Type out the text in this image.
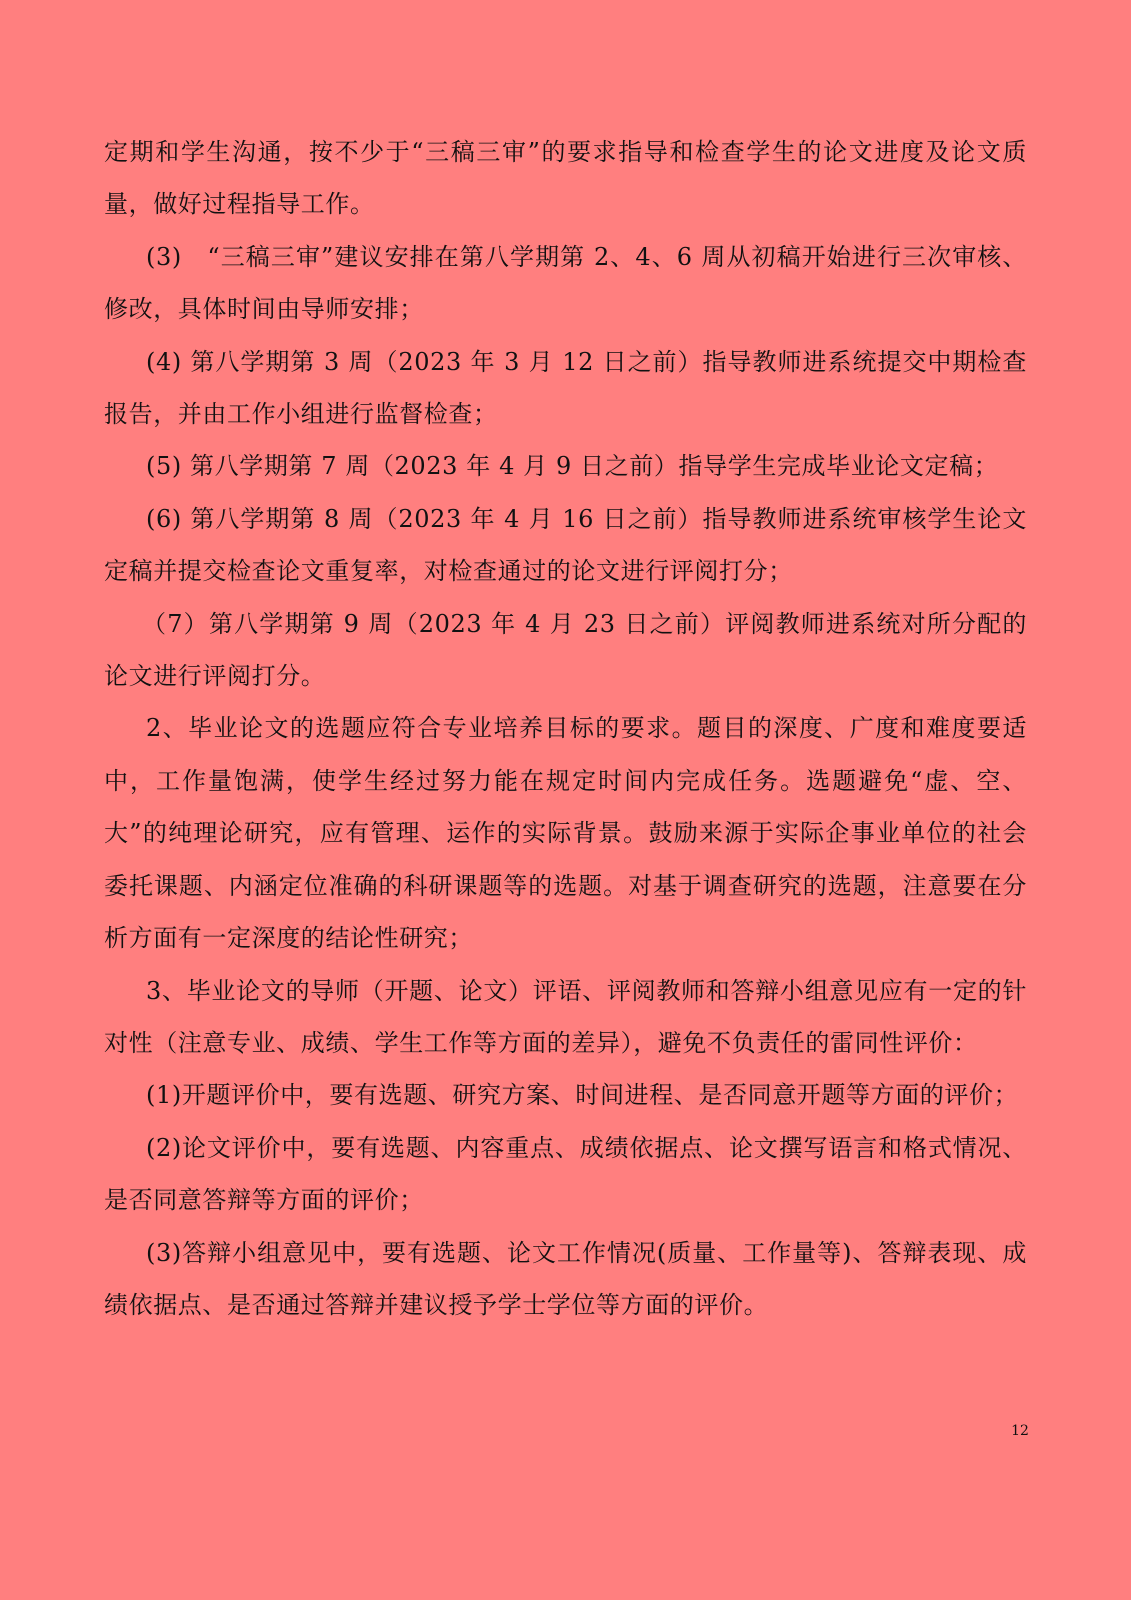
定期和学生沟通，按不少于“三稿三审”的要求指导和检查学生的论文进度及论文质量，做好过程指导工作。

(3)　“三稿三审”建议安排在第八学期第 2、4、6 周从初稿开始进行三次审核、修改，具体时间由导师安排；

(4) 第八学期第 3 周（2023 年 3 月 12 日之前）指导教师进系统提交中期检查报告，并由工作小组进行监督检查；

(5) 第八学期第 7 周（2023 年 4 月 9 日之前）指导学生完成毕业论文定稿；

(6) 第八学期第 8 周（2023 年 4 月 16 日之前）指导教师进系统审核学生论文定稿并提交检查论文重复率，对检查通过的论文进行评阅打分；

（7）第八学期第 9 周（2023 年 4 月 23 日之前）评阅教师进系统对所分配的论文进行评阅打分。

2、毕业论文的选题应符合专业培养目标的要求。题目的深度、广度和难度要适中，工作量饱满，使学生经过努力能在规定时间内完成任务。选题避免“虚、空、大”的纯理论研究，应有管理、运作的实际背景。鼓励来源于实际企事业单位的社会委托课题、内涵定位准确的科研课题等的选题。对基于调查研究的选题，注意要在分析方面有一定深度的结论性研究；

3、毕业论文的导师（开题、论文）评语、评阅教师和答辩小组意见应有一定的针对性（注意专业、成绩、学生工作等方面的差异），避免不负责任的雷同性评价：

(1)开题评价中，要有选题、研究方案、时间进程、是否同意开题等方面的评价；

(2)论文评价中，要有选题、内容重点、成绩依据点、论文撰写语言和格式情况、是否同意答辩等方面的评价；

(3)答辩小组意见中，要有选题、论文工作情况(质量、工作量等)、答辩表现、成绩依据点、是否通过答辩并建议授予学士学位等方面的评价。

12
